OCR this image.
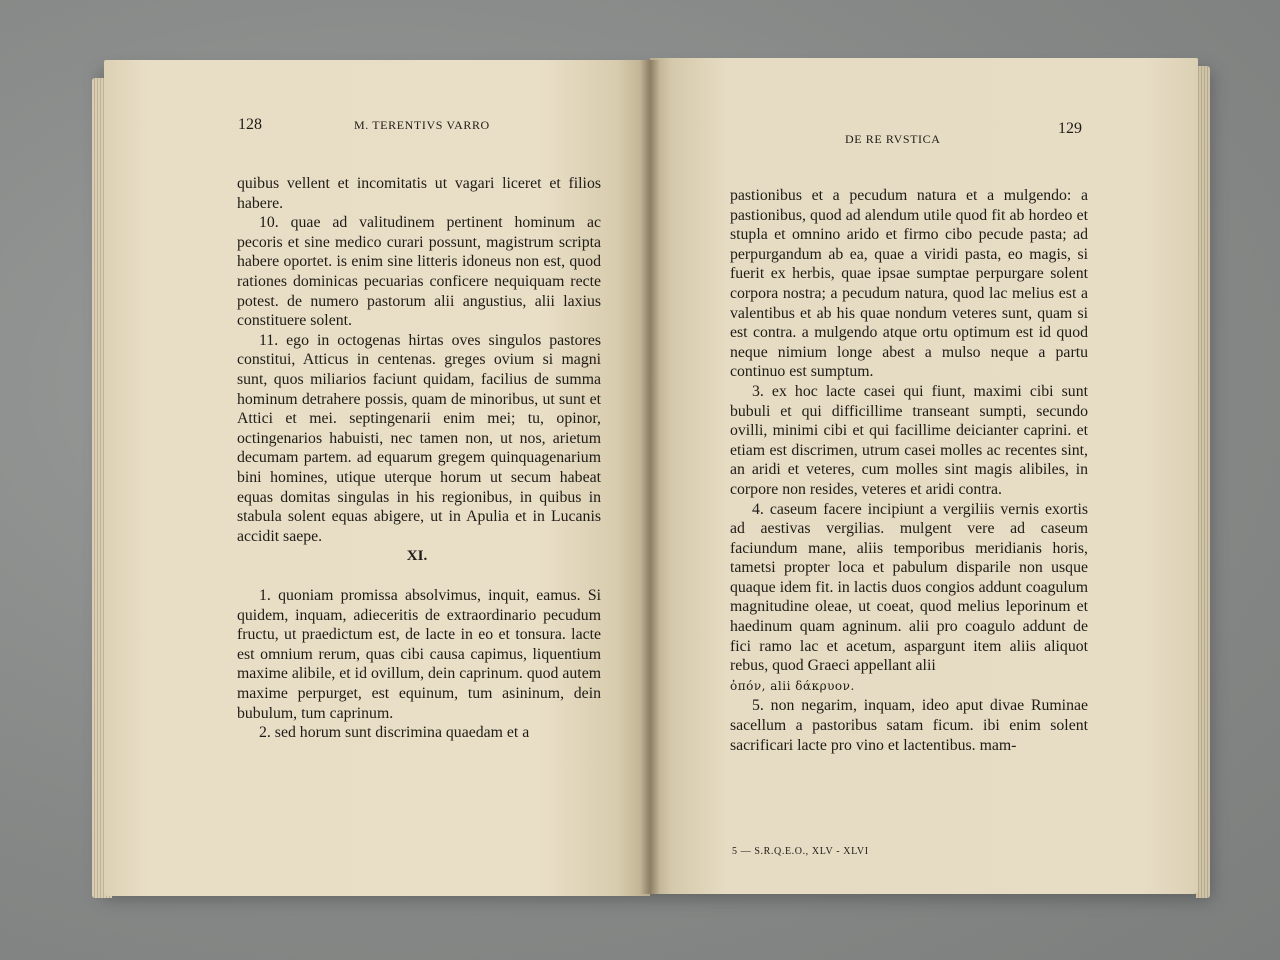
128	M. TERENTIVS VARRO

quibus vellent et incomitatis ut vagari liceret et filios habere.

10. quae ad valitudinem pertinent hominum ac pecoris et sine medico curari possunt, magistrum scripta habere oportet. is enim sine litteris idoneus non est, quod rationes dominicas pecuarias conficere nequiquam recte potest. de numero pastorum alii angustius, alii laxius constituere solent.

11. ego in octogenas hirtas oves singulos pastores constitui, Atticus in centenas. greges ovium si magni sunt, quos miliarios faciunt quidam, facilius de summa hominum detrahere possis, quam de minoribus, ut sunt et Attici et mei. septingenarii enim mei; tu, opinor, octingenarios habuisti, nec tamen non, ut nos, arietum decumam partem. ad equarum gregem quinquagenarium bini homines, utique uterque horum ut secum habeat equas domitas singulas in his regionibus, in quibus in stabula solent equas abigere, ut in Apulia et in Lucanis accidit saepe.

XI.

1. quoniam promissa absolvimus, inquit, eamus. Si quidem, inquam, adieceritis de extraordinario pecudum fructu, ut praedictum est, de lacte in eo et tonsura. lacte est omnium rerum, quas cibi causa capimus, liquentium maxime alibile, et id ovillum, dein caprinum. quod autem maxime perpurget, est equinum, tum asininum, dein bubulum, tum caprinum.

2. sed horum sunt discrimina quaedam et a

DE RE RVSTICA
129

pastionibus et a pecudum natura et a mulgendo: a pastionibus, quod ad alendum utile quod fit ab hordeo et stupla et omnino arido et firmo cibo pecude pasta; ad perpurgandum ab ea, quae a viridi pasta, eo magis, si fuerit ex herbis, quae ipsae sumptae perpurgare solent corpora nostra; a pecudum natura, quod lac melius est a valentibus et ab his quae nondum veteres sunt, quam si est contra. a mulgendo atque ortu optimum est id quod neque nimium longe abest a mulso neque a partu continuo est sumptum.

3. ex hoc lacte casei qui fiunt, maximi cibi sunt bubuli et qui difficillime transeant sumpti, secundo ovilli, minimi cibi et qui facillime deicianter caprini. et etiam est discrimen, utrum casei molles ac recentes sint, an aridi et veteres, cum molles sint magis alibiles, in corpore non resides, veteres et aridi contra.

4. caseum facere incipiunt a vergiliis vernis exortis ad aestivas vergilias. mulgent vere ad caseum faciundum mane, aliis temporibus meridianis horis, tametsi propter loca et pabulum disparile non usque quaque idem fit. in lactis duos congios addunt coagulum magnitudine oleae, ut coeat, quod melius leporinum et haedinum quam agninum. alii pro coagulo addunt de fici ramo lac et acetum, aspargunt item aliis aliquot rebus, quod Graeci appellant alii

ὀπόν, alii δάκρυον.

5. non negarim, inquam, ideo aput divae Ruminae sacellum a pastoribus satam ficum. ibi enim solent sacrificari lacte pro vino et lactentibus. mam-

5 — S.R.Q.E.O., XLV - XLVI
